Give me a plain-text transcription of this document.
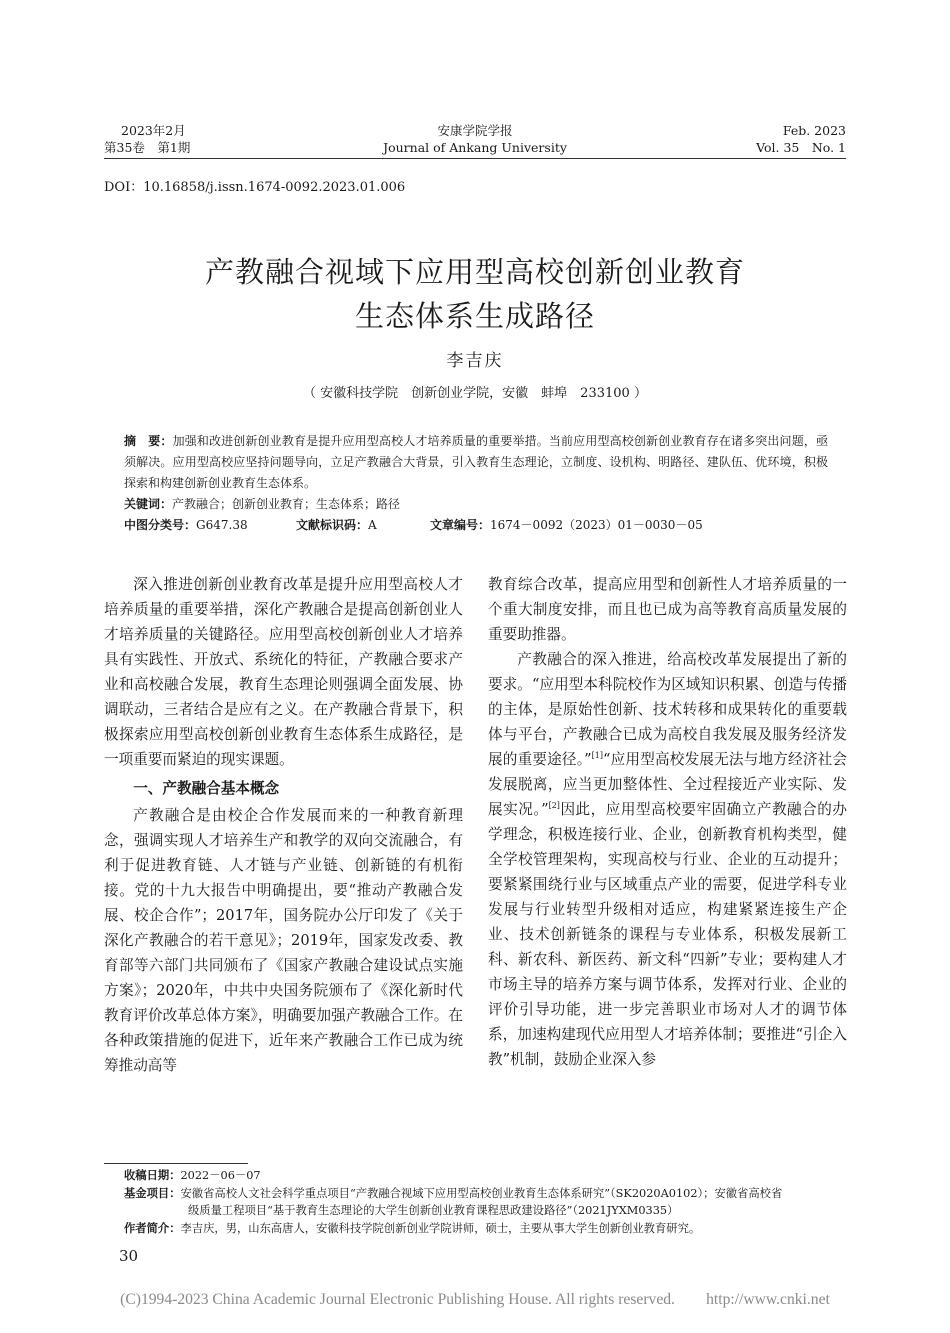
2023年2月
第35卷　第1期
安康学院学报
Journal of Ankang University
Feb. 2023
Vol. 35　No. 1
DOI：10.16858/j.issn.1674-0092.2023.01.006
产教融合视域下应用型高校创新创业教育
生态体系生成路径
李吉庆
（ 安徽科技学院　创新创业学院，安徽　蚌埠　233100 ）

摘　要：加强和改进创新创业教育是提升应用型高校人才培养质量的重要举措。当前应用型高校创新创业教育存在诸多突出问题，亟须解决。应用型高校应坚持问题导向，立足产教融合大背景，引入教育生态理论，立制度、设机构、明路径、建队伍、优环境，积极探索和构建创新创业教育生态体系。

关键词：产教融合；创新创业教育；生态体系；路径

中图分类号：G647.38	文献标识码：A	文章编号：1674－0092（2023）01－0030－05

深入推进创新创业教育改革是提升应用型高校人才培养质量的重要举措，深化产教融合是提高创新创业人才培养质量的关键路径。应用型高校创新创业人才培养具有实践性、开放式、系统化的特征，产教融合要求产业和高校融合发展，教育生态理论则强调全面发展、协调联动，三者结合是应有之义。在产教融合背景下，积极探索应用型高校创新创业教育生态体系生成路径，是一项重要而紧迫的现实课题。

一、产教融合基本概念

产教融合是由校企合作发展而来的一种教育新理念，强调实现人才培养生产和教学的双向交流融合，有利于促进教育链、人才链与产业链、创新链的有机衔接。党的十九大报告中明确提出，要“推动产教融合发展、校企合作”；2017年，国务院办公厅印发了《关于深化产教融合的若干意见》；2019年，国家发改委、教育部等六部门共同颁布了《国家产教融合建设试点实施方案》；2020年，中共中央国务院颁布了《深化新时代教育评价改革总体方案》，明确要加强产教融合工作。在各种政策措施的促进下，近年来产教融合工作已成为统筹推动高等

教育综合改革，提高应用型和创新性人才培养质量的一个重大制度安排，而且也已成为高等教育高质量发展的重要助推器。

产教融合的深入推进，给高校改革发展提出了新的要求。“应用型本科院校作为区域知识积累、创造与传播的主体，是原始性创新、技术转移和成果转化的重要载体与平台，产教融合已成为高校自我发展及服务经济发展的重要途径。”[1]“应用型高校发展无法与地方经济社会发展脱离，应当更加整体性、全过程接近产业实际、发展实况。”[2]因此，应用型高校要牢固确立产教融合的办学理念，积极连接行业、企业，创新教育机构类型，健全学校管理架构，实现高校与行业、企业的互动提升；要紧紧围绕行业与区域重点产业的需要，促进学科专业发展与行业转型升级相对适应，构建紧紧连接生产企业、技术创新链条的课程与专业体系，积极发展新工科、新农科、新医药、新文科“四新”专业；要构建人才市场主导的培养方案与调节体系，发挥对行业、企业的评价引导功能，进一步完善职业市场对人才的调节体系，加速构建现代应用型人才培养体制；要推进“引企入教”机制，鼓励企业深入参

收稿日期：2022－06－07

基金项目：安徽省高校人文社会科学重点项目“产教融合视域下应用型高校创业教育生态体系研究”（SK2020A0102）；安徽省高校省

级质量工程项目“基于教育生态理论的大学生创新创业教育课程思政建设路径”（2021JYXM0335）

作者简介：李吉庆，男，山东高唐人，安徽科技学院创新创业学院讲师，硕士，主要从事大学生创新创业教育研究。

30
(C)1994-2023 China Academic Journal Electronic Publishing House. All rights reserved.　　http://www.cnki.net
